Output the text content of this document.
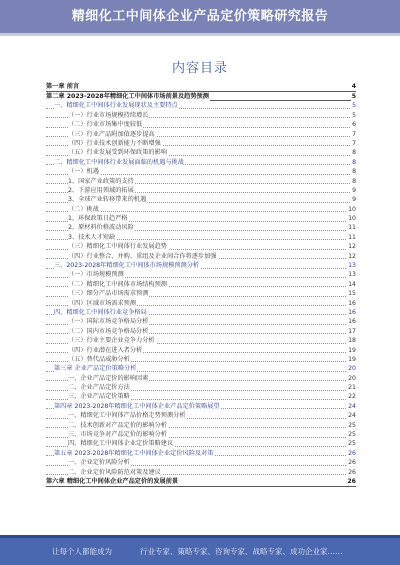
精细化工中间体企业产品定价策略研究报告
内容目录
第一章 前言	4
第二章 2023-2028年精细化工中间体市场前景及趋势预测	5
一、精细化工中间体行业发展现状及主要特点	5
（一）行业市场规模持续增长	5
（二）行业市场集中度较低	6
（三）行业产品附加值逐步提高	7
（四）行业技术创新能力不断增强	7
（五）行业发展受到环保政策的影响	8
二、精细化工中间体行业发展面临的机遇与挑战	8
（一）机遇	8
1、国家产业政策的支持	8
2、下游应用领域的拓展	9
3、全球产业转移带来的机遇	9
（二）挑战	10
1、环保政策日趋严格	10
2、原材料价格波动风险	11
3、技术人才短缺	11
（三）精细化工中间体行业发展趋势	12
（四）行业整合、并购、重组及企业间合作将逐步加强	12
三、2023-2028年精细化工中间体市场规模预测分析	13
（一）市场规模预测	13
（二）精细化工中间体市场结构预测	14
（三）细分产品市场需求预测	15
（四）区域市场需求预测	16
四、精细化工中间体行业竞争格局	16
（一）国际市场竞争格局分析	16
（二）国内市场竞争格局分析	17
（三）行业主要企业竞争力分析	18
（四）行业潜在进入者分析	19
（五）替代品威胁分析	19
第三章 企业产品定价策略分析	20
一、企业产品定价的影响因素	20
二、企业产品定价方法	21
三、企业产品定价策略	22
第四章 2023-2028年精细化工中间体企业产品定价策略展望	24
一、精细化工中间体产品价格走势预测分析	24
二、技术创新对产品定价的影响分析	25
三、市场竞争对产品定价的影响分析	25
四、精细化工中间体企业定价策略建议	25
第五章 2023-2028年精细化工中间体企业定价风险及对策	26
一、企业定价风险分析	26
二、企业定价风险防范对策及建议	26
第六章 精细化工中间体企业产品定价的发展前景	26
让每个人都能成为	行业专家、策略专家、咨询专家、战略专家、成功企业家……
